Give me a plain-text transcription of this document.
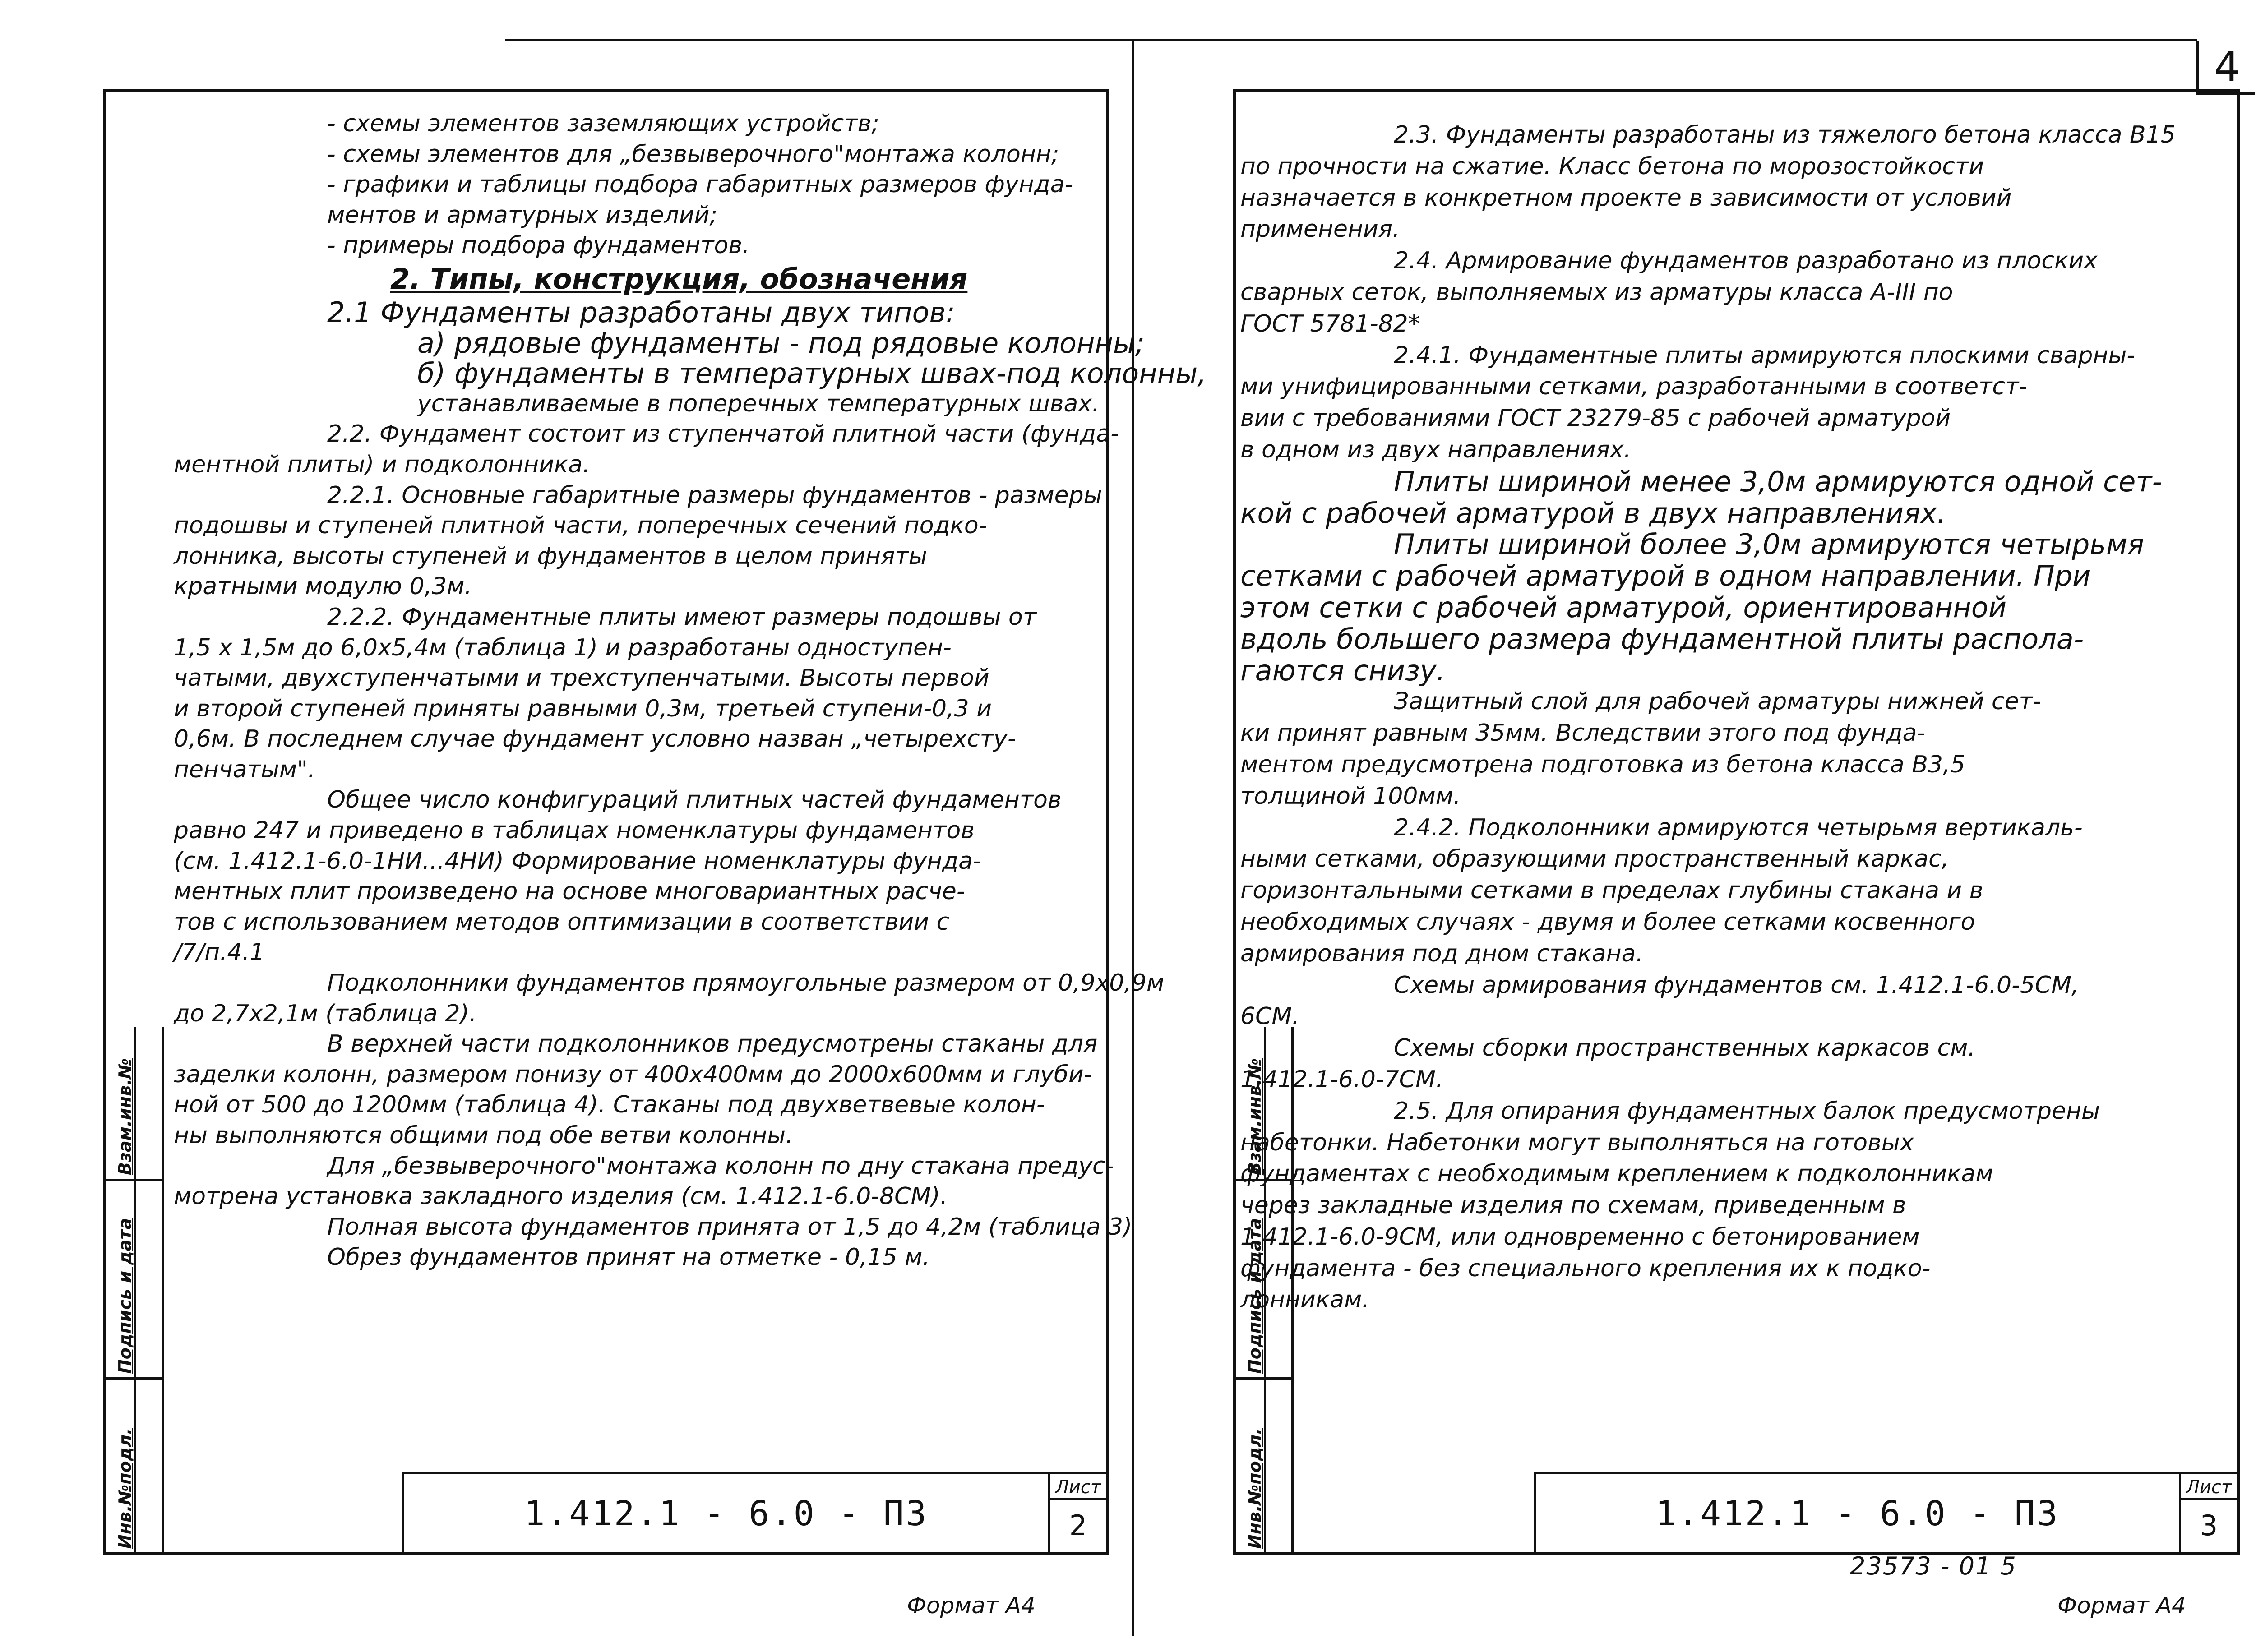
4
- схемы элементов заземляющих устройств;
- схемы элементов для „безвыверочного"монтажа колонн;
- графики и таблицы подбора габаритных размеров фунда-
ментов и арматурных изделий;
- примеры подбора фундаментов.
2. Типы, конструкция, обозначения
2.1 Фундаменты разработаны двух типов:
а) рядовые фундаменты - под рядовые колонны;
б) фундаменты в температурных швах-под колонны,
устанавливаемые в поперечных температурных швах.
2.2. Фундамент состоит из ступенчатой плитной части (фунда-
ментной плиты) и подколонника.
2.2.1. Основные габаритные размеры фундаментов - размеры
подошвы и ступеней плитной части, поперечных сечений подко-
лонника, высоты ступеней и фундаментов в целом приняты
кратными модулю 0,3м.
2.2.2. Фундаментные плиты имеют размеры подошвы от
1,5 х 1,5м до 6,0х5,4м (таблица 1) и разработаны одноступен-
чатыми, двухступенчатыми и трехступенчатыми. Высоты первой
и второй ступеней приняты равными 0,3м, третьей ступени-0,3 и
0,6м. В последнем случае фундамент условно назван „четырехсту-
пенчатым".
Общее число конфигураций плитных частей фундаментов
равно 247 и приведено в таблицах номенклатуры фундаментов
(см. 1.412.1-6.0-1НИ...4НИ) Формирование номенклатуры фунда-
ментных плит произведено на основе многовариантных расче-
тов с использованием методов оптимизации в соответствии с
/7/п.4.1
Подколонники фундаментов прямоугольные размером от 0,9х0,9м
до 2,7х2,1м (таблица 2).
В верхней части подколонников предусмотрены стаканы для
заделки колонн, размером понизу от 400х400мм до 2000х600мм и глуби-
ной от 500 до 1200мм (таблица 4). Стаканы под двухветвевые колон-
ны выполняются общими под обе ветви колонны.
Для „безвыверочного"монтажа колонн по дну стакана предус-
мотрена установка закладного изделия (см. 1.412.1-6.0-8СМ).
Полная высота фундаментов принята от 1,5 до 4,2м (таблица 3)
Обрез фундаментов принят на отметке - 0,15 м.
Взам.инв.№
Подпись и дата
Инв.№подл.	1.412.1 - 6.0 - ПЗ
Лист
2
Формат А4
2.3. Фундаменты разработаны из тяжелого бетона класса В15
по прочности на сжатие. Класс бетона по морозостойкости
назначается в конкретном проекте в зависимости от условий
применения.
2.4. Армирование фундаментов разработано из плоских
сварных сеток, выполняемых из арматуры класса А-III по
ГОСТ 5781-82*
2.4.1. Фундаментные плиты армируются плоскими сварны-
ми унифицированными сетками, разработанными в соответст-
вии с требованиями ГОСТ 23279-85 с рабочей арматурой
в одном из двух направлениях.
Плиты шириной менее 3,0м армируются одной сет-
кой с рабочей арматурой в двух направлениях.
Плиты шириной более 3,0м армируются четырьмя
сетками с рабочей арматурой в одном направлении. При
этом сетки с рабочей арматурой, ориентированной
вдоль большего размера фундаментной плиты распола-
гаются снизу.
Защитный слой для рабочей арматуры нижней сет-
ки принят равным 35мм. Вследствии этого под фунда-
ментом предусмотрена подготовка из бетона класса В3,5
толщиной 100мм.
2.4.2. Подколонники армируются четырьмя вертикаль-
ными сетками, образующими пространственный каркас,
горизонтальными сетками в пределах глубины стакана и в
необходимых случаях - двумя и более сетками косвенного
армирования под дном стакана.
Схемы армирования фундаментов см. 1.412.1-6.0-5СМ,
6СМ.
Схемы сборки пространственных каркасов см.
1.412.1-6.0-7СМ.
2.5. Для опирания фундаментных балок предусмотрены
набетонки. Набетонки могут выполняться на готовых
фундаментах с необходимым креплением к подколонникам
через закладные изделия по схемам, приведенным в
1.412.1-6.0-9СМ, или одновременно с бетонированием
фундамента - без специального крепления их к подко-
лонникам.
Взам.инв.№
Подпись и дата
Инв.№подл.	1.412.1 - 6.0 - ПЗ
Лист
3
23573 - 01 5
Формат А4
